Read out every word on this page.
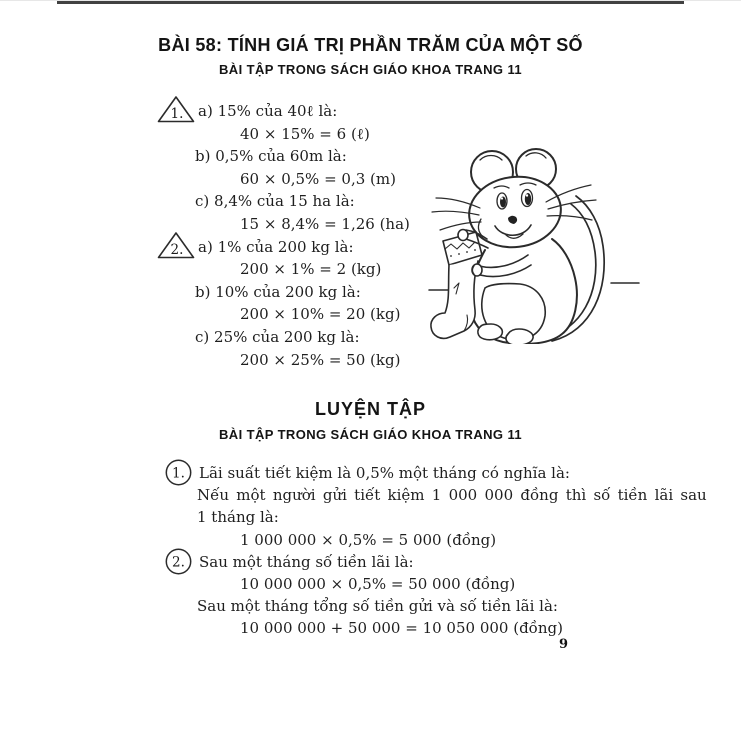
BÀI 58: TÍNH GIÁ TRỊ PHẦN TRĂM CỦA MỘT SỐ
BÀI TẬP TRONG SÁCH GIÁO KHOA TRANG 11
1. a) 15% của 40ℓ là:
40 × 15% = 6 (ℓ)
b) 0,5% của 60m là:
60 × 0,5% = 0,3 (m)
c) 8,4% của 15 ha là:
15 × 8,4% = 1,26 (ha)
2. a) 1% của 200 kg là:
200 × 1% = 2 (kg)
b) 10% của 200 kg là:
200 × 10% = 20 (kg)
c) 25% của 200 kg là:
200 × 25% = 50 (kg)
LUYỆN TẬP
BÀI TẬP TRONG SÁCH GIÁO KHOA TRANG 11
1. Lãi suất tiết kiệm là 0,5% một tháng có nghĩa là:
Nếu một người gửi tiết kiệm 1 000 000 đồng thì số tiền lãi sau
1 tháng là:
1 000 000 × 0,5% = 5 000 (đồng)
2. Sau một tháng số tiền lãi là:
10 000 000 × 0,5% = 50 000 (đồng)
Sau một tháng tổng số tiền gửi và số tiền lãi là:
10 000 000 + 50 000 = 10 050 000 (đồng)
9
